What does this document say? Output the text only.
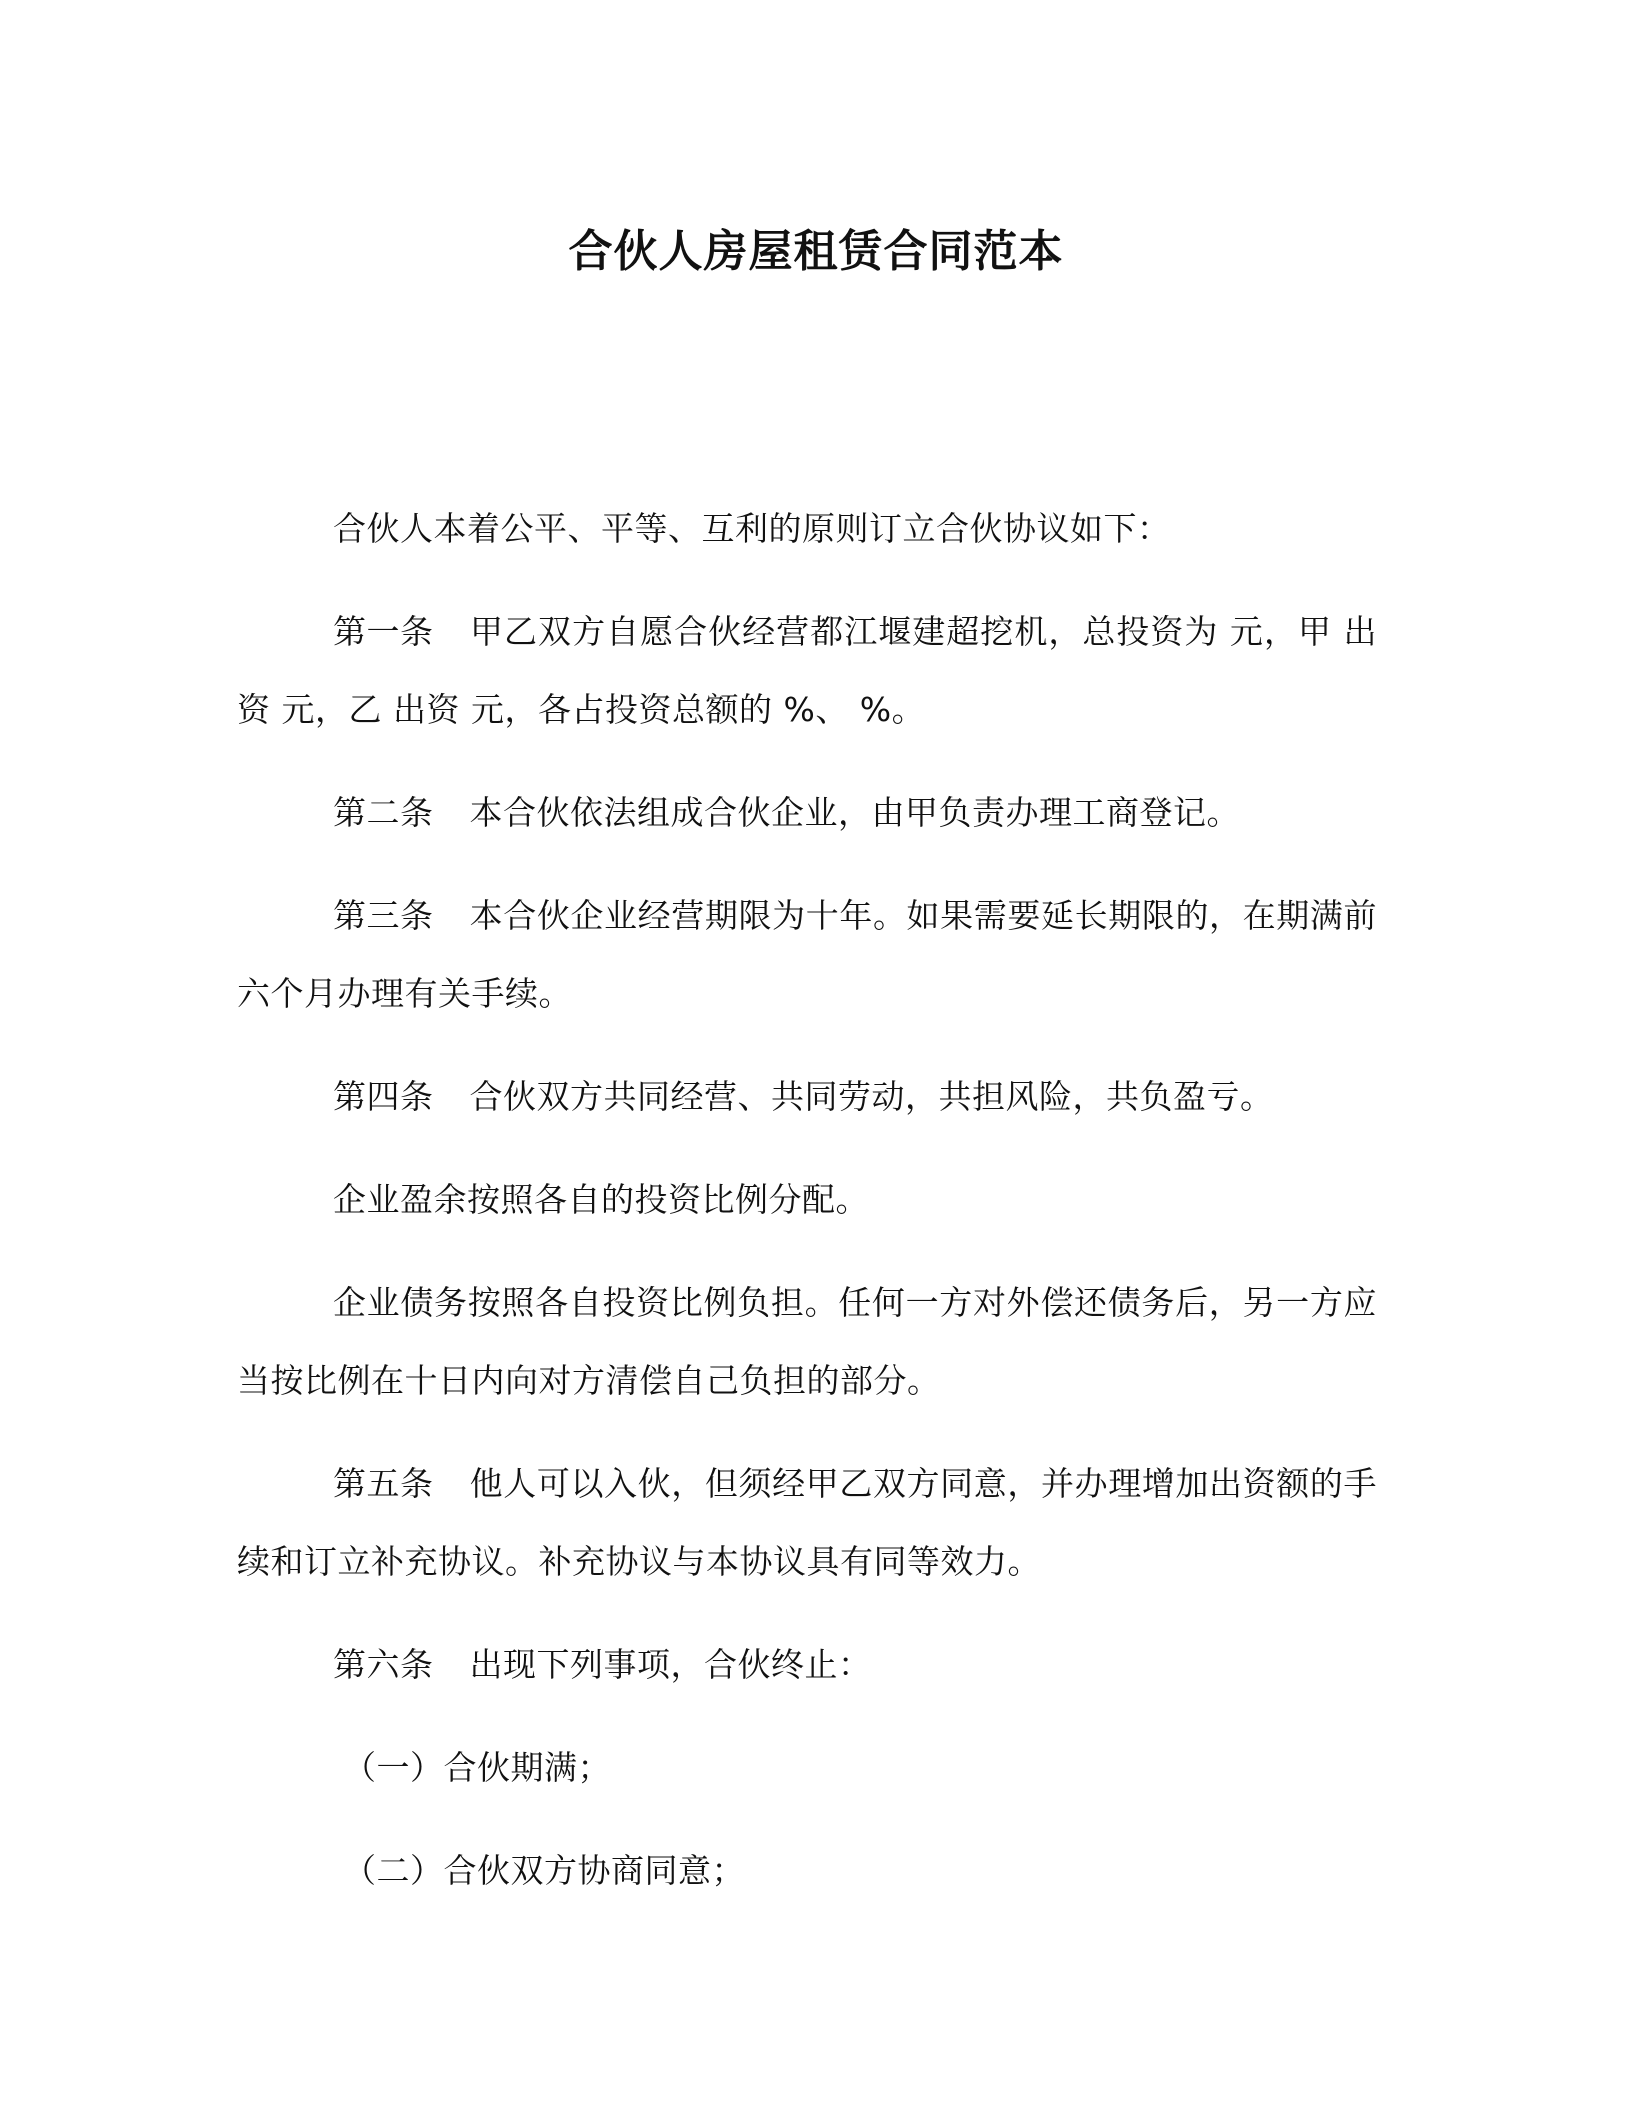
合伙人房屋租赁合同范本

合伙人本着公平、平等、互利的原则订立合伙协议如下：

第一条 甲乙双方自愿合伙经营都江堰建超挖机，总投资为 元，甲 出资 元，乙 出资 元，各占投资总额的 %、 %。

第二条 本合伙依法组成合伙企业，由甲负责办理工商登记。

第三条 本合伙企业经营期限为十年。如果需要延长期限的，在期满前六个月办理有关手续。

第四条 合伙双方共同经营、共同劳动，共担风险，共负盈亏。

企业盈余按照各自的投资比例分配。

企业债务按照各自投资比例负担。任何一方对外偿还债务后，另一方应当按比例在十日内向对方清偿自己负担的部分。

第五条 他人可以入伙，但须经甲乙双方同意，并办理增加出资额的手续和订立补充协议。补充协议与本协议具有同等效力。

第六条 出现下列事项，合伙终止：

（一）合伙期满；

（二）合伙双方协商同意；
